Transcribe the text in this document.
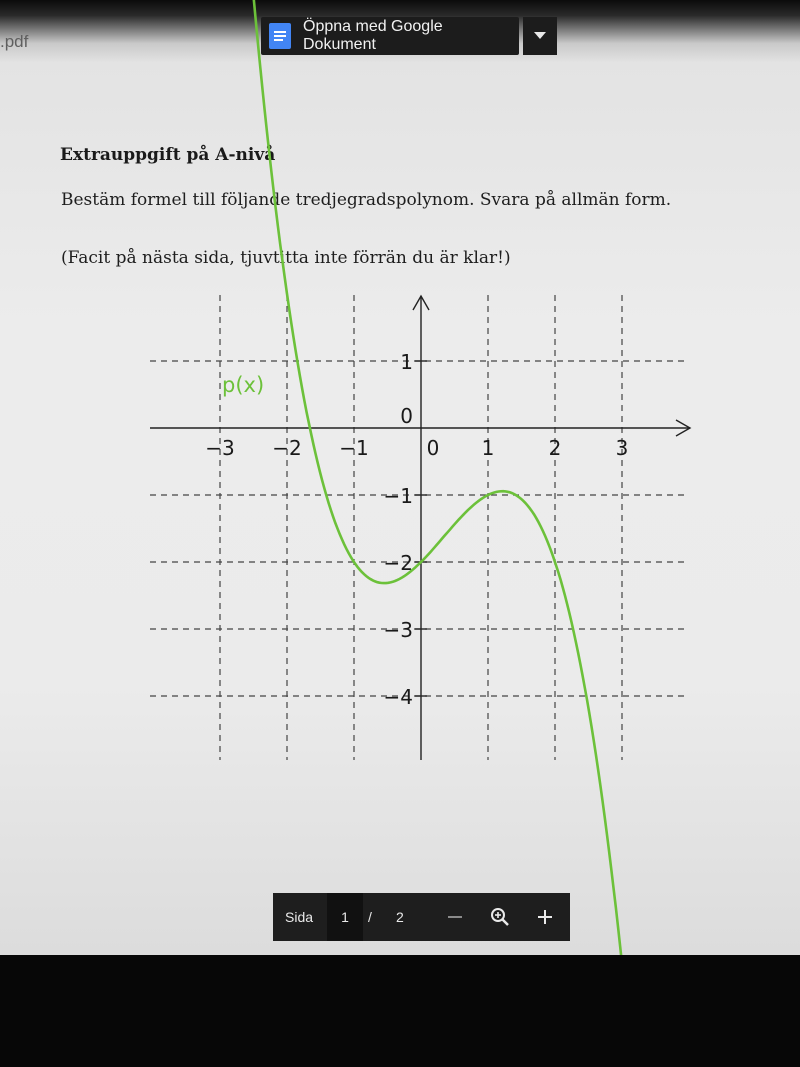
.pdf
Öppna med Google Dokument

Extrauppgift på A-nivå

Bestäm formel till följande tredjegradspolynom. Svara på allmän form.

(Facit på nästa sida, tjuvtitta inte förrän du är klar!)

−3 −2 −1	0 1	2	3
1
0
−1
−2
−3
−4
p(x)
Sida	1	/ 2
